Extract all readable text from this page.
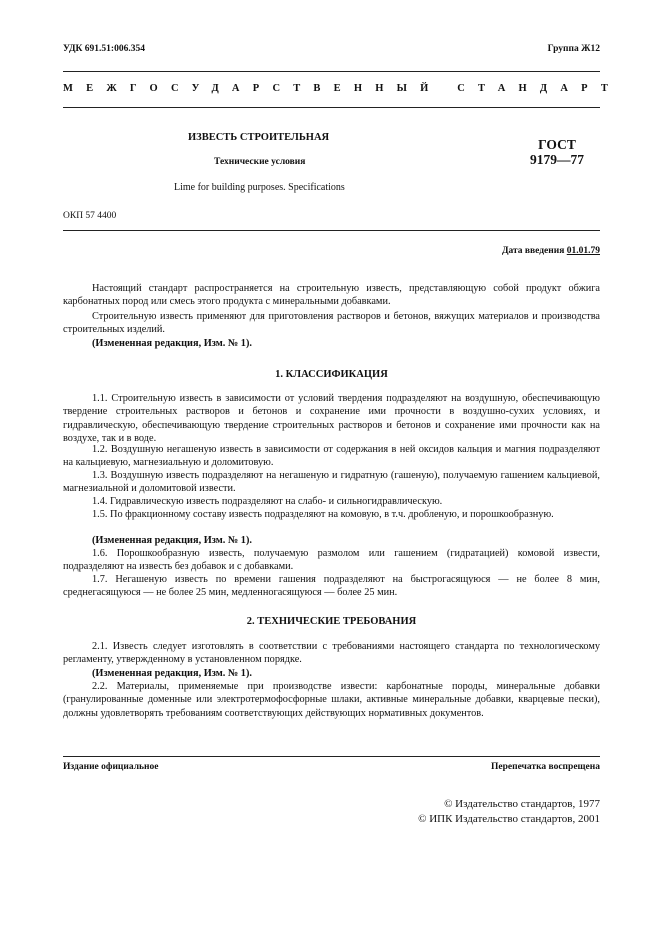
УДК 691.51:006.354	Группа Ж12
МЕЖГОСУДАРСТВЕННЫЙ СТАНДАРТ
ИЗВЕСТЬ СТРОИТЕЛЬНАЯ
Технические условия
Lime for building purposes. Specifications
ГОСТ
9179—77
ОКП 57 4400
Дата введения 01.01.79
Настоящий стандарт распространяется на строительную известь, представляющую собой продукт обжига карбонатных пород или смесь этого продукта с минеральными добавками.
Строительную известь применяют для приготовления растворов и бетонов, вяжущих материалов и производства строительных изделий.
(Измененная редакция, Изм. № 1).
1. КЛАССИФИКАЦИЯ
1.1. Строительную известь в зависимости от условий твердения подразделяют на воздушную, обеспечивающую твердение строительных растворов и бетонов и сохранение ими прочности в воздушно-сухих условиях, и гидравлическую, обеспечивающую твердение строительных растворов и бетонов и сохранение ими прочности как на воздухе, так и в воде.
1.2. Воздушную негашеную известь в зависимости от содержания в ней оксидов кальция и магния подразделяют на кальциевую, магнезиальную и доломитовую.
1.3. Воздушную известь подразделяют на негашеную и гидратную (гашеную), получаемую гашением кальциевой, магнезиальной и доломитовой извести.
1.4. Гидравлическую известь подразделяют на слабо- и сильногидравлическую.
1.5. По фракционному составу известь подразделяют на комовую, в т.ч. дробленую, и порошкообразную.
(Измененная редакция, Изм. № 1).
1.6. Порошкообразную известь, получаемую размолом или гашением (гидратацией) комовой извести, подразделяют на известь без добавок и с добавками.
1.7. Негашеную известь по времени гашения подразделяют на быстрогасящуюся — не более 8 мин, среднегасящуюся — не более 25 мин, медленногасящуюся — более 25 мин.
2. ТЕХНИЧЕСКИЕ ТРЕБОВАНИЯ
2.1. Известь следует изготовлять в соответствии с требованиями настоящего стандарта по технологическому регламенту, утвержденному в установленном порядке.
(Измененная редакция, Изм. № 1).
2.2. Материалы, применяемые при производстве извести: карбонатные породы, минеральные добавки (гранулированные доменные или электротермофосфорные шлаки, активные минеральные добавки, кварцевые пески), должны удовлетворять требованиям соответствующих действующих нормативных документов.
Издание официальное	Перепечатка воспрещена
© Издательство стандартов, 1977
© ИПК Издательство стандартов, 2001
